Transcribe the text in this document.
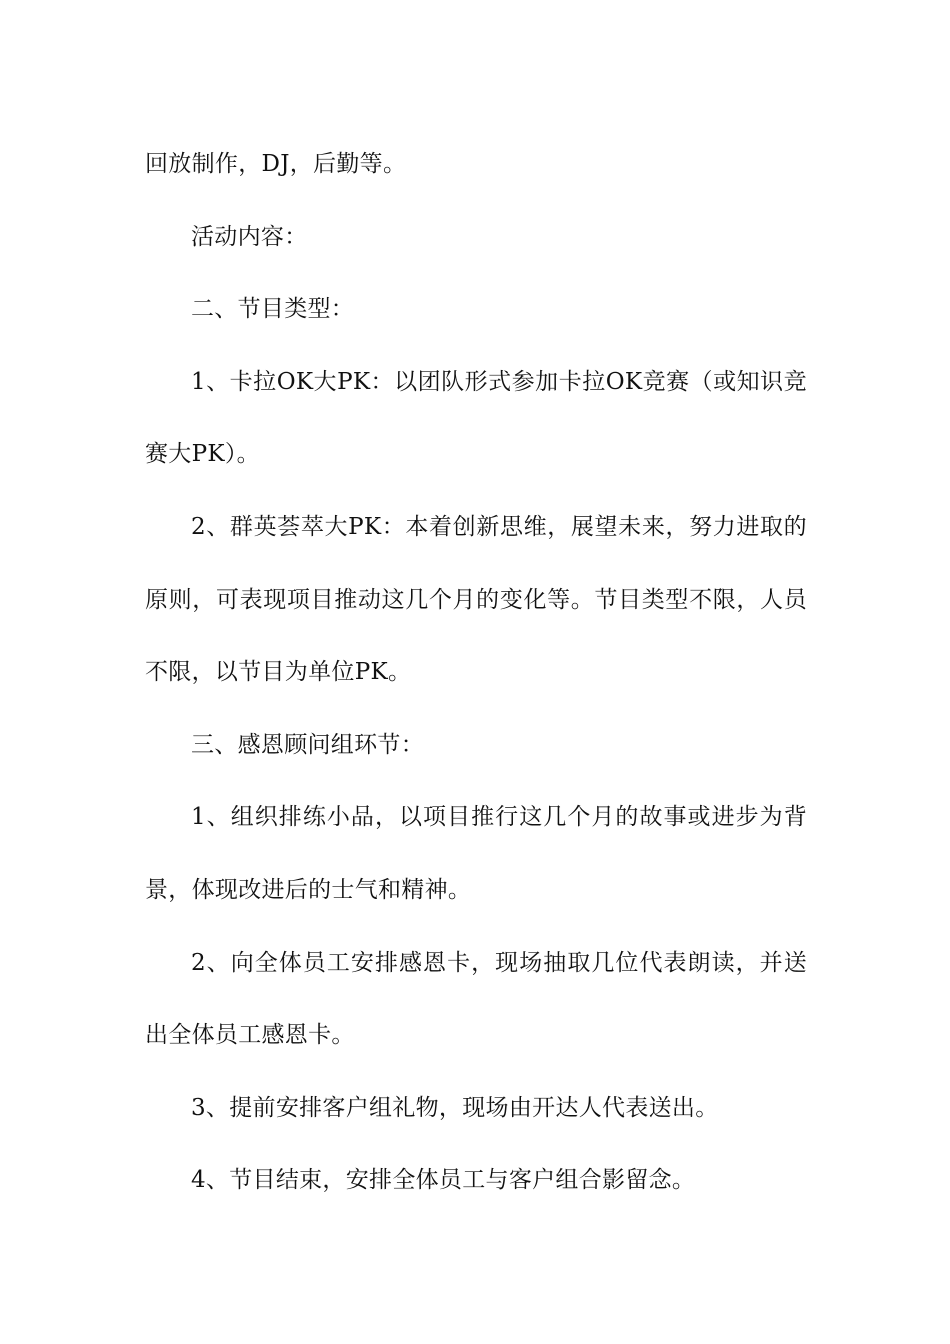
回放制作，DJ，后勤等。

活动内容：

二、节目类型：

1、卡拉OK大PK：以团队形式参加卡拉OK竞赛（或知识竞赛大PK）。

2、群英荟萃大PK：本着创新思维，展望未来，努力进取的原则，可表现项目推动这几个月的变化等。节目类型不限，人员不限，以节目为单位PK。

三、感恩顾问组环节：

1、组织排练小品，以项目推行这几个月的故事或进步为背景，体现改进后的士气和精神。

2、向全体员工安排感恩卡，现场抽取几位代表朗读，并送出全体员工感恩卡。

3、提前安排客户组礼物，现场由开达人代表送出。

4、节目结束，安排全体员工与客户组合影留念。
